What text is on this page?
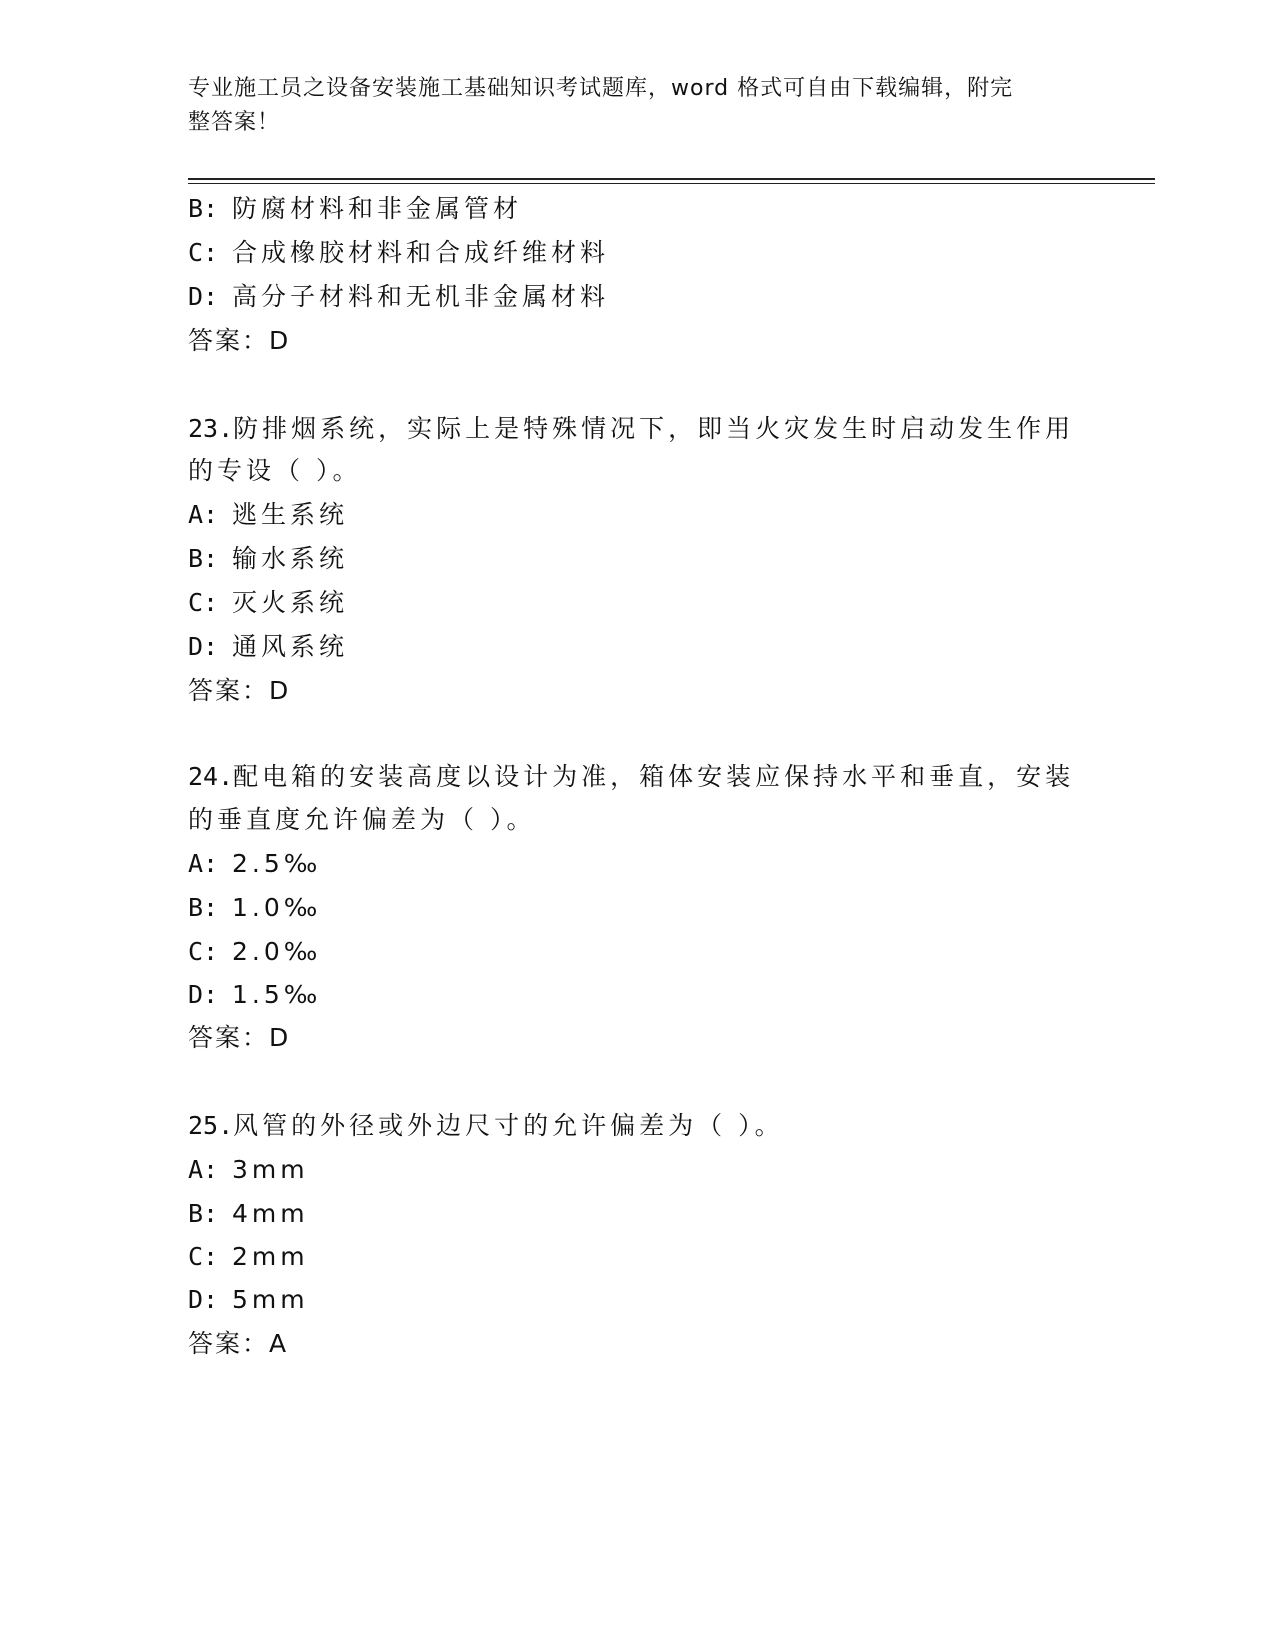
专业施工员之设备安装施工基础知识考试题库，word 格式可自由下载编辑，附完
整答案！
B: 防腐材料和非金属管材
C: 合成橡胶材料和合成纤维材料
D: 高分子材料和无机非金属材料
答案：D
23.防排烟系统，实际上是特殊情况下，即当火灾发生时启动发生作用
的专设（ ）。
A: 逃生系统
B: 输水系统
C: 灭火系统
D: 通风系统
答案：D
24.配电箱的安装高度以设计为准，箱体安装应保持水平和垂直，安装
的垂直度允许偏差为（ ）。
A: 2.5‰
B: 1.0‰
C: 2.0‰
D: 1.5‰
答案：D
25.风管的外径或外边尺寸的允许偏差为（ ）。
A: 3mm
B: 4mm
C: 2mm
D: 5mm
答案：A
